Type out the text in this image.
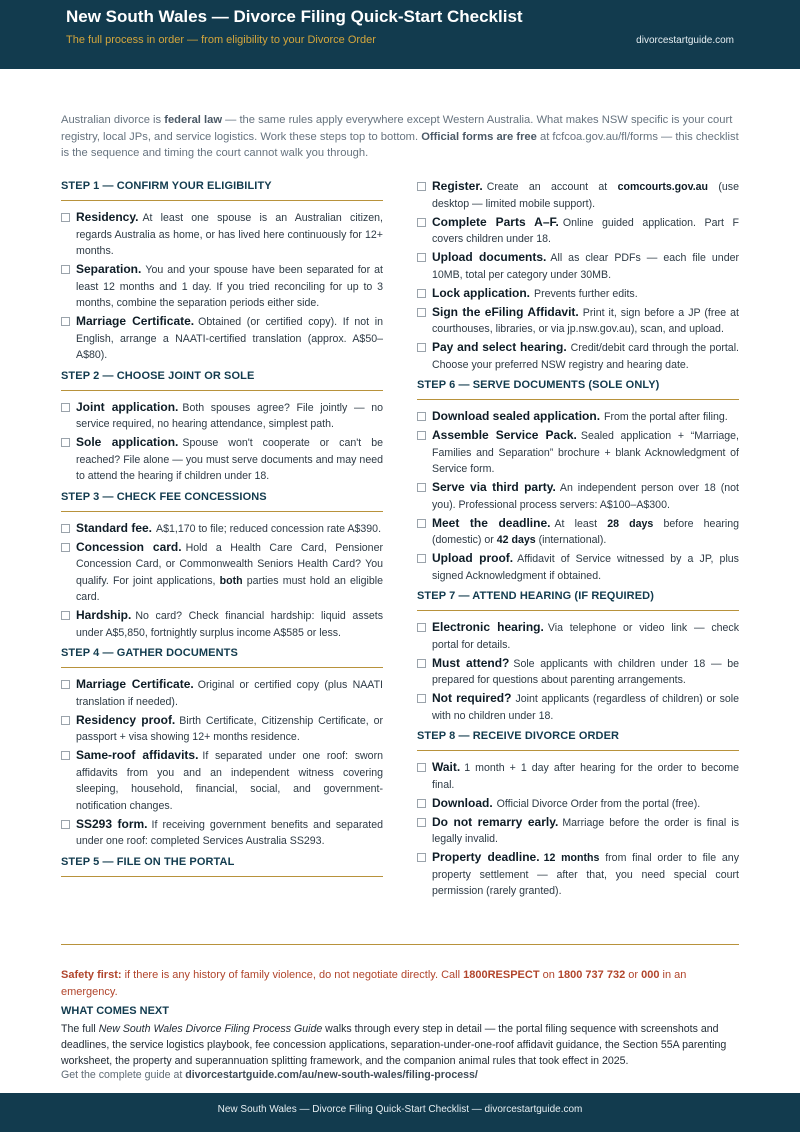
New South Wales — Divorce Filing Quick-Start Checklist
The full process in order — from eligibility to your Divorce Order	divorcestartguide.com
Australian divorce is federal law — the same rules apply everywhere except Western Australia. What makes NSW specific is your court registry, local JPs, and service logistics. Work these steps top to bottom. Official forms are free at fcfcoa.gov.au/fl/forms — this checklist is the sequence and timing the court cannot walk you through.
STEP 1 — CONFIRM YOUR ELIGIBILITY
Residency. At least one spouse is an Australian citizen, regards Australia as home, or has lived here continuously for 12+ months.
Separation. You and your spouse have been separated for at least 12 months and 1 day. If you tried reconciling for up to 3 months, combine the separation periods either side.
Marriage Certificate. Obtained (or certified copy). If not in English, arrange a NAATI-certified translation (approx. A$50–A$80).
STEP 2 — CHOOSE JOINT OR SOLE
Joint application. Both spouses agree? File jointly — no service required, no hearing attendance, simplest path.
Sole application. Spouse won't cooperate or can't be reached? File alone — you must serve documents and may need to attend the hearing if children under 18.
STEP 3 — CHECK FEE CONCESSIONS
Standard fee. A$1,170 to file; reduced concession rate A$390.
Concession card. Hold a Health Care Card, Pensioner Concession Card, or Commonwealth Seniors Health Card? You qualify. For joint applications, both parties must hold an eligible card.
Hardship. No card? Check financial hardship: liquid assets under A$5,850, fortnightly surplus income A$585 or less.
STEP 4 — GATHER DOCUMENTS
Marriage Certificate. Original or certified copy (plus NAATI translation if needed).
Residency proof. Birth Certificate, Citizenship Certificate, or passport + visa showing 12+ months residence.
Same-roof affidavits. If separated under one roof: sworn affidavits from you and an independent witness covering sleeping, household, financial, social, and government-notification changes.
SS293 form. If receiving government benefits and separated under one roof: completed Services Australia SS293.
STEP 5 — FILE ON THE PORTAL
Register. Create an account at comcourts.gov.au (use desktop — limited mobile support).
Complete Parts A–F. Online guided application. Part F covers children under 18.
Upload documents. All as clear PDFs — each file under 10MB, total per category under 30MB.
Lock application. Prevents further edits.
Sign the eFiling Affidavit. Print it, sign before a JP (free at courthouses, libraries, or via jp.nsw.gov.au), scan, and upload.
Pay and select hearing. Credit/debit card through the portal. Choose your preferred NSW registry and hearing date.
STEP 6 — SERVE DOCUMENTS (SOLE ONLY)
Download sealed application. From the portal after filing.
Assemble Service Pack. Sealed application + “Marriage, Families and Separation” brochure + blank Acknowledgment of Service form.
Serve via third party. An independent person over 18 (not you). Professional process servers: A$100–A$300.
Meet the deadline. At least 28 days before hearing (domestic) or 42 days (international).
Upload proof. Affidavit of Service witnessed by a JP, plus signed Acknowledgment if obtained.
STEP 7 — ATTEND HEARING (IF REQUIRED)
Electronic hearing. Via telephone or video link — check portal for details.
Must attend? Sole applicants with children under 18 — be prepared for questions about parenting arrangements.
Not required? Joint applicants (regardless of children) or sole with no children under 18.
STEP 8 — RECEIVE DIVORCE ORDER
Wait. 1 month + 1 day after hearing for the order to become final.
Download. Official Divorce Order from the portal (free).
Do not remarry early. Marriage before the order is final is legally invalid.
Property deadline. 12 months from final order to file any property settlement — after that, you need special court permission (rarely granted).
Safety first: if there is any history of family violence, do not negotiate directly. Call 1800RESPECT on 1800 737 732 or 000 in an emergency.
WHAT COMES NEXT
The full New South Wales Divorce Filing Process Guide walks through every step in detail — the portal filing sequence with screenshots and deadlines, the service logistics playbook, fee concession applications, separation-under-one-roof affidavit guidance, the Section 55A parenting worksheet, the property and superannuation splitting framework, and the companion animal rules that took effect in 2025.
Get the complete guide at divorcestartguide.com/au/new-south-wales/filing-process/
New South Wales — Divorce Filing Quick-Start Checklist — divorcestartguide.com
